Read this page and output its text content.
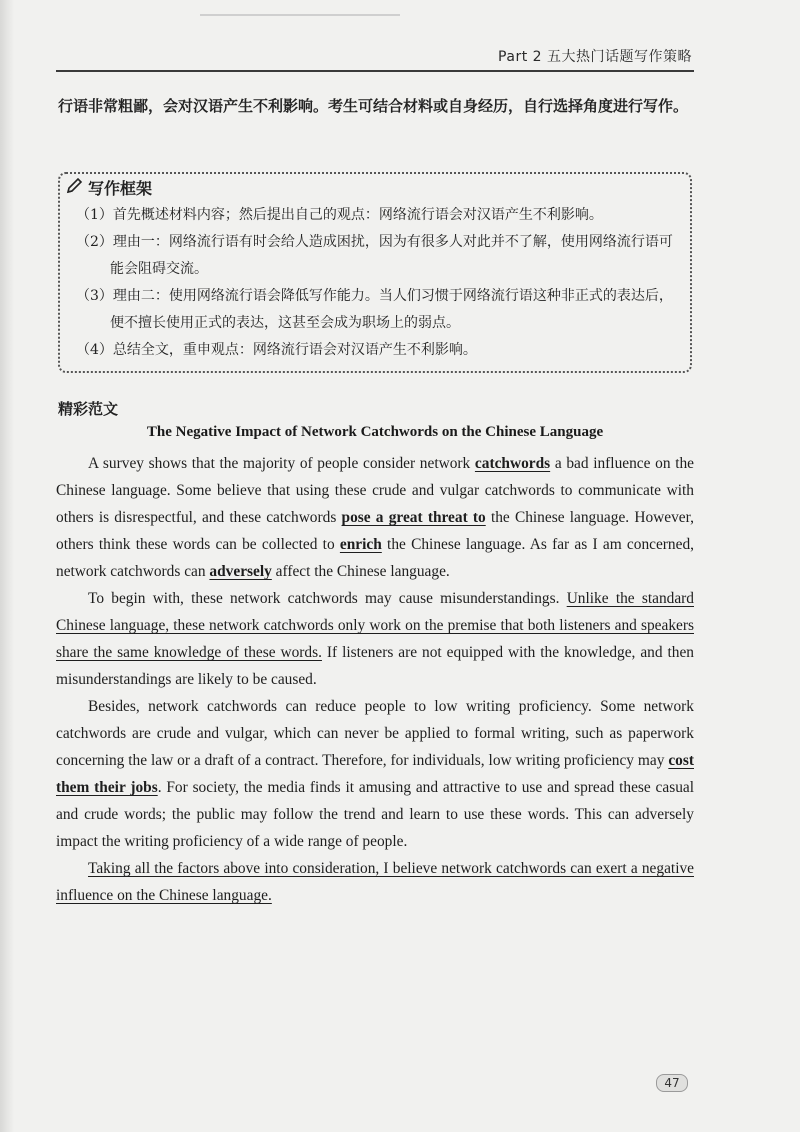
Part 2 五大热门话题写作策略
行语非常粗鄙，会对汉语产生不利影响。考生可结合材料或自身经历，自行选择角度进行写作。
写作框架
（1）首先概述材料内容；然后提出自己的观点：网络流行语会对汉语产生不利影响。
（2）理由一：网络流行语有时会给人造成困扰，因为有很多人对此并不了解，使用网络流行语可能会阻碍交流。
（3）理由二：使用网络流行语会降低写作能力。当人们习惯于网络流行语这种非正式的表达后，便不擅长使用正式的表达，这甚至会成为职场上的弱点。
（4）总结全文，重申观点：网络流行语会对汉语产生不利影响。
精彩范文
The Negative Impact of Network Catchwords on the Chinese Language

A survey shows that the majority of people consider network catchwords a bad influence on the Chinese language. Some believe that using these crude and vulgar catchwords to communicate with others is disrespectful, and these catchwords pose a great threat to the Chinese language. However, others think these words can be collected to enrich the Chinese language. As far as I am concerned, network catchwords can adversely affect the Chinese language.

To begin with, these network catchwords may cause misunderstandings. Unlike the standard Chinese language, these network catchwords only work on the premise that both listeners and speakers share the same knowledge of these words. If listeners are not equipped with the knowledge, and then misunderstandings are likely to be caused.

Besides, network catchwords can reduce people to low writing proficiency. Some network catchwords are crude and vulgar, which can never be applied to formal writing, such as paperwork concerning the law or a draft of a contract. Therefore, for individuals, low writing proficiency may cost them their jobs. For society, the media finds it amusing and attractive to use and spread these casual and crude words; the public may follow the trend and learn to use these words. This can adversely impact the writing proficiency of a wide range of people.

Taking all the factors above into consideration, I believe network catchwords can exert a negative influence on the Chinese language.

47
